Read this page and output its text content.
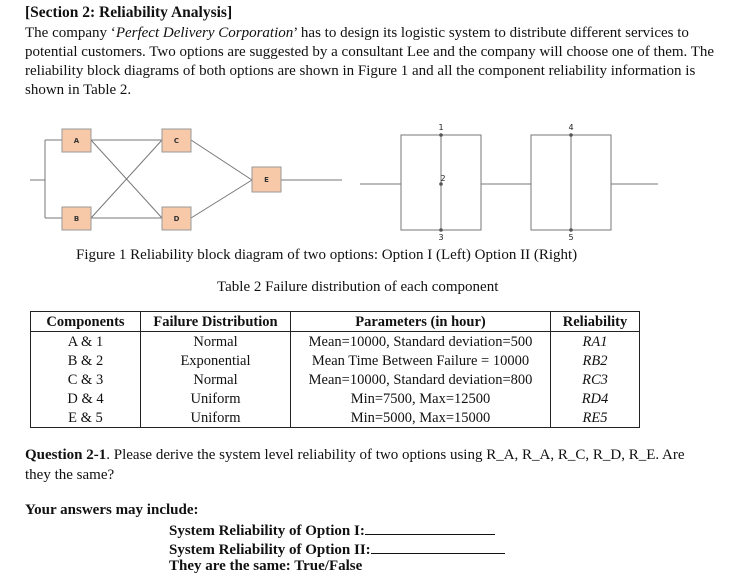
[Section 2: Reliability Analysis]
The company ‘Perfect Delivery Corporation’ has to design its logistic system to distribute different services to potential customers. Two options are suggested by a consultant Lee and the company will choose one of them. The reliability block diagrams of both options are shown in Figure 1 and all the component reliability information is shown in Table 2.
A	C
B	D
E
1
2
3
4
5
Figure 1 Reliability block diagram of two options: Option I (Left) Option II (Right)
Table 2 Failure distribution of each component
Components	Failure Distribution	Parameters (in hour)	Reliability
A & 1	Normal	Mean=10000, Standard deviation=500	RA1
B & 2	Exponential	Mean Time Between Failure = 10000	RB2
C & 3	Normal	Mean=10000, Standard deviation=800	RC3
D & 4	Uniform	Min=7500, Max=12500	RD4
E & 5	Uniform	Min=5000, Max=15000	RE5
Question 2-1. Please derive the system level reliability of two options using R_A, R_A, R_C, R_D, R_E. Are they the same?
Your answers may include:
System Reliability of Option I:
System Reliability of Option II:
They are the same: True/False
